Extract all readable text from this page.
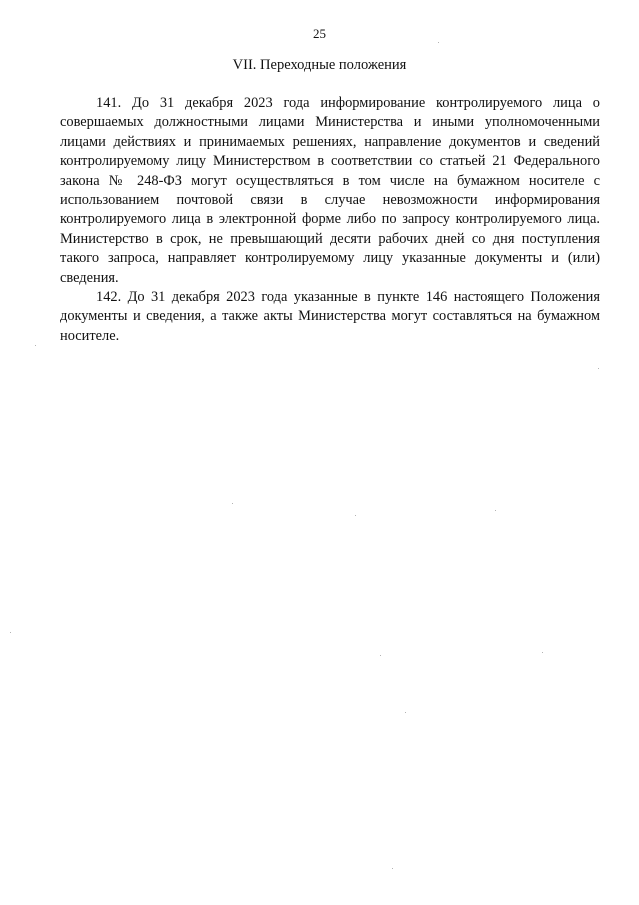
25
VII. Переходные положения

141. До 31 декабря 2023 года информирование контролируемого лица о совершаемых должностными лицами Министерства и иными уполномоченными лицами действиях и принимаемых решениях, направление документов и сведений контролируемому лицу Министерством в соответствии со статьей 21 Федерального закона № 248-ФЗ могут осуществляться в том числе на бумажном носителе с использованием почтовой связи в случае невозможности информирования контролируемого лица в электронной форме либо по запросу контролируемого лица. Министерство в срок, не превышающий десяти рабочих дней со дня поступления такого запроса, направляет контролируемому лицу указанные документы и (или) сведения.

142. До 31 декабря 2023 года указанные в пункте 146 настоящего Положения документы и сведения, а также акты Министерства могут составляться на бумажном носителе.
